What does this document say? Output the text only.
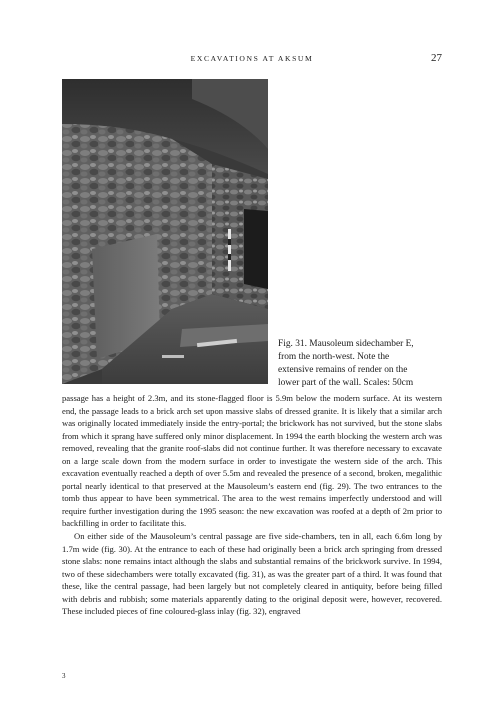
EXCAVATIONS AT AKSUM	27
Fig. 31. Mausoleum sidechamber E,
from the north-west. Note the
extensive remains of render on the
lower part of the wall. Scales: 50cm

passage has a height of 2.3m, and its stone-flagged floor is 5.9m below the modern surface. At its western end, the passage leads to a brick arch set upon massive slabs of dressed granite. It is likely that a similar arch was originally located immediately inside the entry-portal; the brickwork has not survived, but the stone slabs from which it sprang have suffered only minor displacement. In 1994 the earth blocking the western arch was removed, revealing that the granite roof-slabs did not continue further. It was therefore necessary to excavate on a large scale down from the modern surface in order to investigate the western side of the arch. This excavation eventually reached a depth of over 5.5m and revealed the presence of a second, broken, megalithic portal nearly identical to that preserved at the Mausoleum’s eastern end (fig. 29). The two entrances to the tomb thus appear to have been symmetrical. The area to the west remains imperfectly understood and will require further investigation during the 1995 season: the new excavation was roofed at a depth of 2m prior to backfilling in order to facilitate this.

On either side of the Mausoleum’s central passage are five side-chambers, ten in all, each 6.6m long by 1.7m wide (fig. 30). At the entrance to each of these had originally been a brick arch springing from dressed stone slabs: none remains intact although the slabs and substantial remains of the brickwork survive. In 1994, two of these sidechambers were totally excavated (fig. 31), as was the greater part of a third. It was found that these, like the central passage, had been largely but not completely cleared in antiquity, before being filled with debris and rubbish; some materials apparently dating to the original deposit were, however, recovered. These included pieces of fine coloured-glass inlay (fig. 32), engraved

3
